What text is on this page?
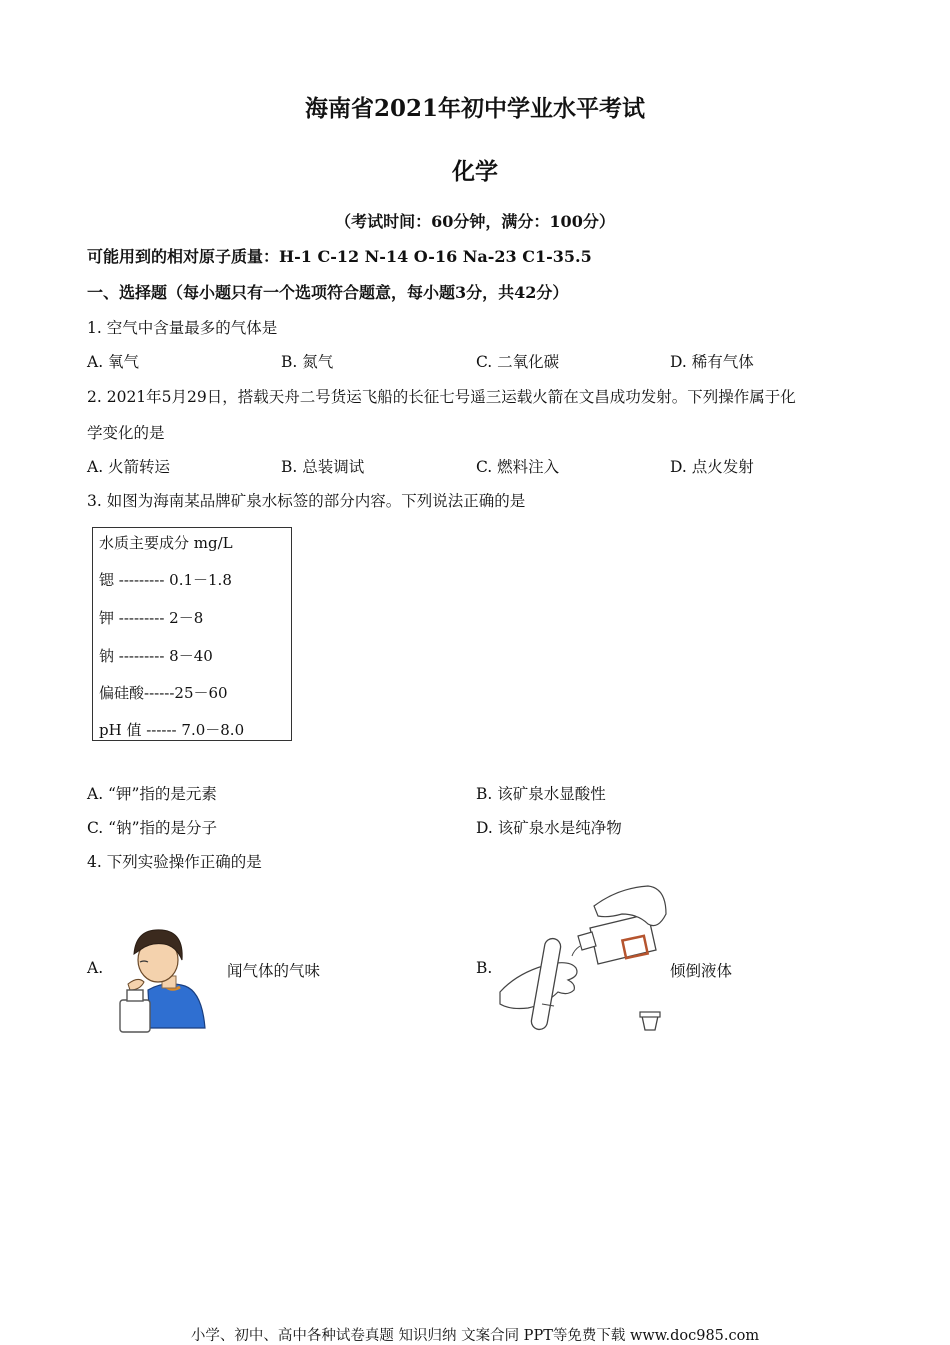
海南省2021年初中学业水平考试
化学
（考试时间：60分钟，满分：100分）
可能用到的相对原子质量：H-1 C-12 N-14 O-16 Na-23 C1-35.5
一、选择题（每小题只有一个选项符合题意，每小题3分，共42分）
1. 空气中含量最多的气体是
A. 氧气	B. 氮气	C. 二氧化碳	D. 稀有气体
2. 2021年5月29日，搭载天舟二号货运飞船的长征七号遥三运载火箭在文昌成功发射。下列操作属于化
学变化的是
A. 火箭转运	B. 总装调试	C. 燃料注入	D. 点火发射
3. 如图为海南某品牌矿泉水标签的部分内容。下列说法正确的是
水质主要成分 mg/L
锶 --------- 0.1－1.8
钾 --------- 2－8
钠 --------- 8－40
偏硅酸------25－60
pH 值 ------ 7.0－8.0
A. “钾”指的是元素	B. 该矿泉水显酸性
C. “钠”指的是分子	D. 该矿泉水是纯净物
4. 下列实验操作正确的是
A.	闻气体的气味	B.	倾倒液体
小学、初中、高中各种试卷真题 知识归纳 文案合同 PPT等免费下载 www.doc985.com
